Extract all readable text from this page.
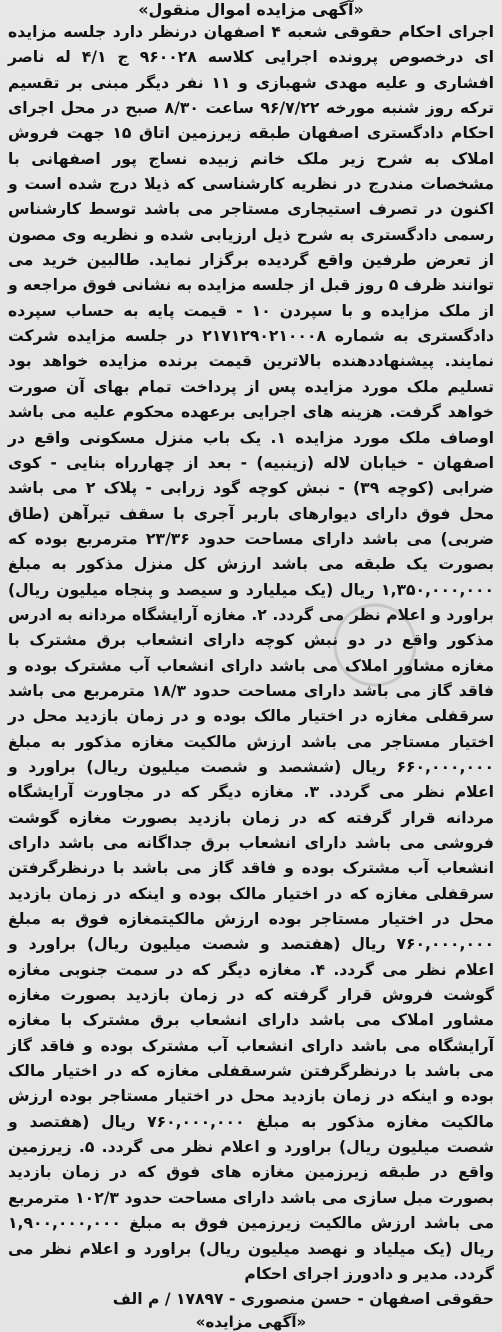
«آگهی مزایده اموال منقول»

اجرای احکام حقوقی شعبه ۴ اصفهان درنظر دارد جلسه مزایده ای درخصوص پرونده اجرایی کلاسه ۹۶۰۰۲۸ ج ۴/۱ له ناصر افشاری و علیه مهدی شهبازی و ۱۱ نفر دیگر مبنی بر تقسیم ترکه روز شنبه مورخه ۹۶/۷/۲۲ ساعت ۸/۳۰ صبح در محل اجرای احکام دادگستری اصفهان طبقه زیرزمین اتاق ۱۵ جهت فروش املاک به شرح زیر ملک خانم زبیده نساج پور اصفهانی با مشخصات مندرج در نظریه کارشناسی که ذیلا درج شده است و اکنون در تصرف استیجاری مستاجر می باشد توسط کارشناس رسمی دادگستری به شرح ذیل ارزیابی شده و نظریه وی مصون از تعرض طرفین واقع گردیده برگزار نماید. طالبین خرید می توانند ظرف ۵ روز قبل از جلسه مزایده به نشانی فوق مراجعه و از ملک مزایده و با سپردن ۱۰ - قیمت پایه به حساب سپرده دادگستری به شماره ۲۱۷۱۲۹۰۲۱۰۰۰۸ در جلسه مزایده شرکت نمایند. پیشنهاددهنده بالاترین قیمت برنده مزایده خواهد بود تسلیم ملک مورد مزایده پس از پرداخت تمام بهای آن صورت خواهد گرفت. هزینه های اجرایی برعهده محکوم علیه می باشد اوصاف ملک مورد مزایده ۱. یک باب منزل مسکونی واقع در اصفهان - خیابان لاله (زینبیه) - بعد از چهارراه بنایی - کوی ضرابی (کوچه ۳۹) - نبش کوچه گود زرابی - پلاک ۲ می باشد محل فوق دارای دیوارهای باربر آجری با سقف تیرآهن (طاق ضربی) می باشد دارای مساحت حدود ۲۳/۳۶ مترمربع بوده که بصورت یک طبقه می باشد ارزش کل منزل مذکور به مبلغ ۱,۳۵۰,۰۰۰,۰۰۰ ریال (یک میلیارد و سیصد و پنجاه میلیون ریال) براورد و اعلام نظر می گردد. ۲. مغازه آرایشگاه مردانه به ادرس مذکور واقع در دو نبش کوچه دارای انشعاب برق مشترک با مغازه مشاور املاک می باشد دارای انشعاب آب مشترک بوده و فاقد گاز می باشد دارای مساحت حدود ۱۸/۳ مترمربع می باشد سرقفلی مغازه در اختیار مالک بوده و در زمان بازدید محل در اختیار مستاجر می باشد ارزش مالکیت مغازه مذکور به مبلغ ۶۶۰,۰۰۰,۰۰۰ ریال (ششصد و شصت میلیون ریال) براورد و اعلام نظر می گردد. ۳. مغازه دیگر که در مجاورت آرایشگاه مردانه قرار گرفته که در زمان بازدید بصورت مغازه گوشت فروشی می باشد دارای انشعاب برق جداگانه می باشد دارای انشعاب آب مشترک بوده و فاقد گاز می باشد با درنظرگرفتن سرقفلی مغازه که در اختیار مالک بوده و اینکه در زمان بازدید محل در اختیار مستاجر بوده ارزش مالکیتمغازه فوق به مبلغ ۷۶۰,۰۰۰,۰۰۰ ریال (هفتصد و شصت میلیون ریال) براورد و اعلام نظر می گردد. ۴. مغازه دیگر که در سمت جنوبی مغازه گوشت فروش قرار گرفته که در زمان بازدید بصورت مغازه مشاور املاک می باشد دارای انشعاب برق مشترک با مغازه آرایشگاه می باشد دارای انشعاب آب مشترک بوده و فاقد گاز می باشد با درنظرگرفتن شرسقفلی مغازه که در اختیار مالک بوده و اینکه در زمان بازدید محل در اختیار مستاجر بوده ارزش مالکیت مغازه مذکور به مبلغ ۷۶۰,۰۰۰,۰۰۰ ریال (هفتصد و شصت میلیون ریال) براورد و اعلام نظر می گردد. ۵. زیرزمین واقع در طبقه زیرزمین مغازه های فوق که در زمان بازدید بصورت مبل سازی می باشد دارای مساحت حدود ۱۰۲/۳ مترمربع می باشد ارزش مالکیت زیرزمین فوق به مبلغ ۱,۹۰۰,۰۰۰,۰۰۰ ریال (یک میلیاد و نهصد میلیون ریال) براورد و اعلام نظر می گردد. مدیر و دادورز اجرای احکام

حقوقی اصفهان - حسن منصوری - ۱۷۸۹۷ / م الف

«آگهی مزایده»
